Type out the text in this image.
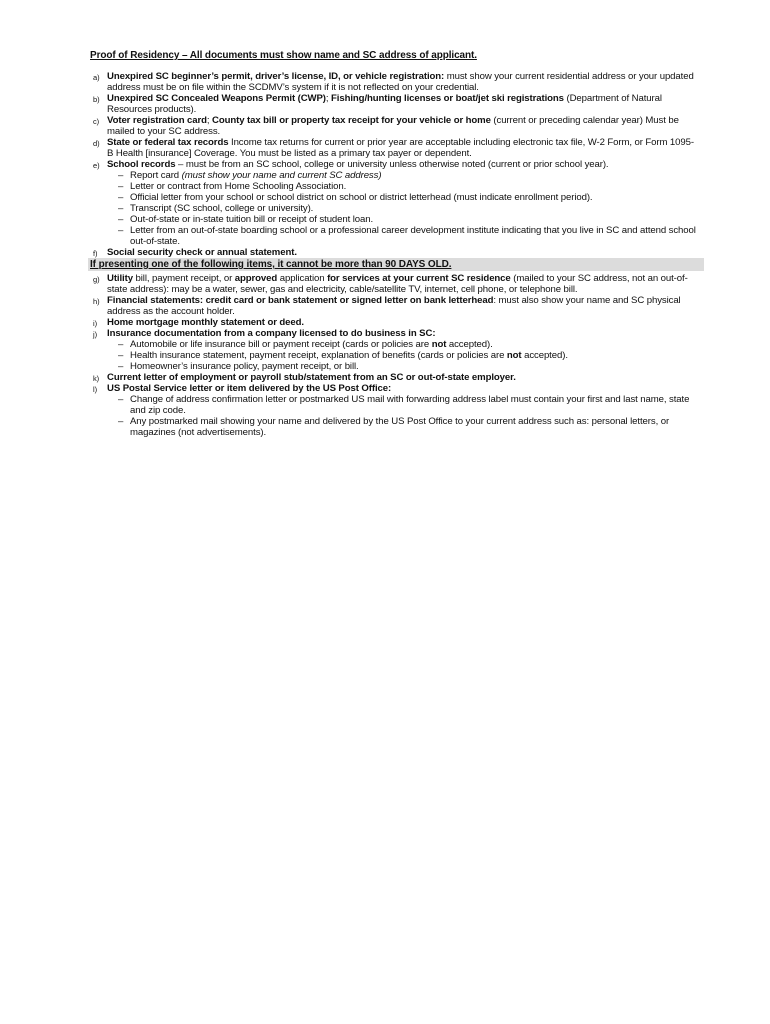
Proof of Residency – All documents must show name and SC address of applicant.
a) Unexpired SC beginner’s permit, driver’s license, ID, or vehicle registration: must show your current residential address or your updated address must be on file within the SCDMV’s system if it is not reflected on your credential.
b) Unexpired SC Concealed Weapons Permit (CWP); Fishing/hunting licenses or boat/jet ski registrations (Department of Natural Resources products).
c) Voter registration card; County tax bill or property tax receipt for your vehicle or home (current or preceding calendar year) Must be mailed to your SC address.
d) State or federal tax records Income tax returns for current or prior year are acceptable including electronic tax file, W-2 Form, or Form 1095-B Health [insurance] Coverage. You must be listed as a primary tax payer or dependent.
e) School records – must be from an SC school, college or university unless otherwise noted (current or prior school year).
– Report card (must show your name and current SC address)
– Letter or contract from Home Schooling Association.
– Official letter from your school or school district on school or district letterhead (must indicate enrollment period).
– Transcript (SC school, college or university).
– Out-of-state or in-state tuition bill or receipt of student loan.
– Letter from an out-of-state boarding school or a professional career development institute indicating that you live in SC and attend school out-of-state.
f) Social security check or annual statement.
If presenting one of the following items, it cannot be more than 90 DAYS OLD.
g) Utility bill, payment receipt, or approved application for services at your current SC residence (mailed to your SC address, not an out-of-state address): may be a water, sewer, gas and electricity, cable/satellite TV, internet, cell phone, or telephone bill.
h) Financial statements: credit card or bank statement or signed letter on bank letterhead: must also show your name and SC physical address as the account holder.
i) Home mortgage monthly statement or deed.
j) Insurance documentation from a company licensed to do business in SC:
– Automobile or life insurance bill or payment receipt (cards or policies are not accepted).
– Health insurance statement, payment receipt, explanation of benefits (cards or policies are not accepted).
– Homeowner’s insurance policy, payment receipt, or bill.
k) Current letter of employment or payroll stub/statement from an SC or out-of-state employer.
l) US Postal Service letter or item delivered by the US Post Office:
– Change of address confirmation letter or postmarked US mail with forwarding address label must contain your first and last name, state and zip code.
– Any postmarked mail showing your name and delivered by the US Post Office to your current address such as: personal letters, or magazines (not advertisements).
